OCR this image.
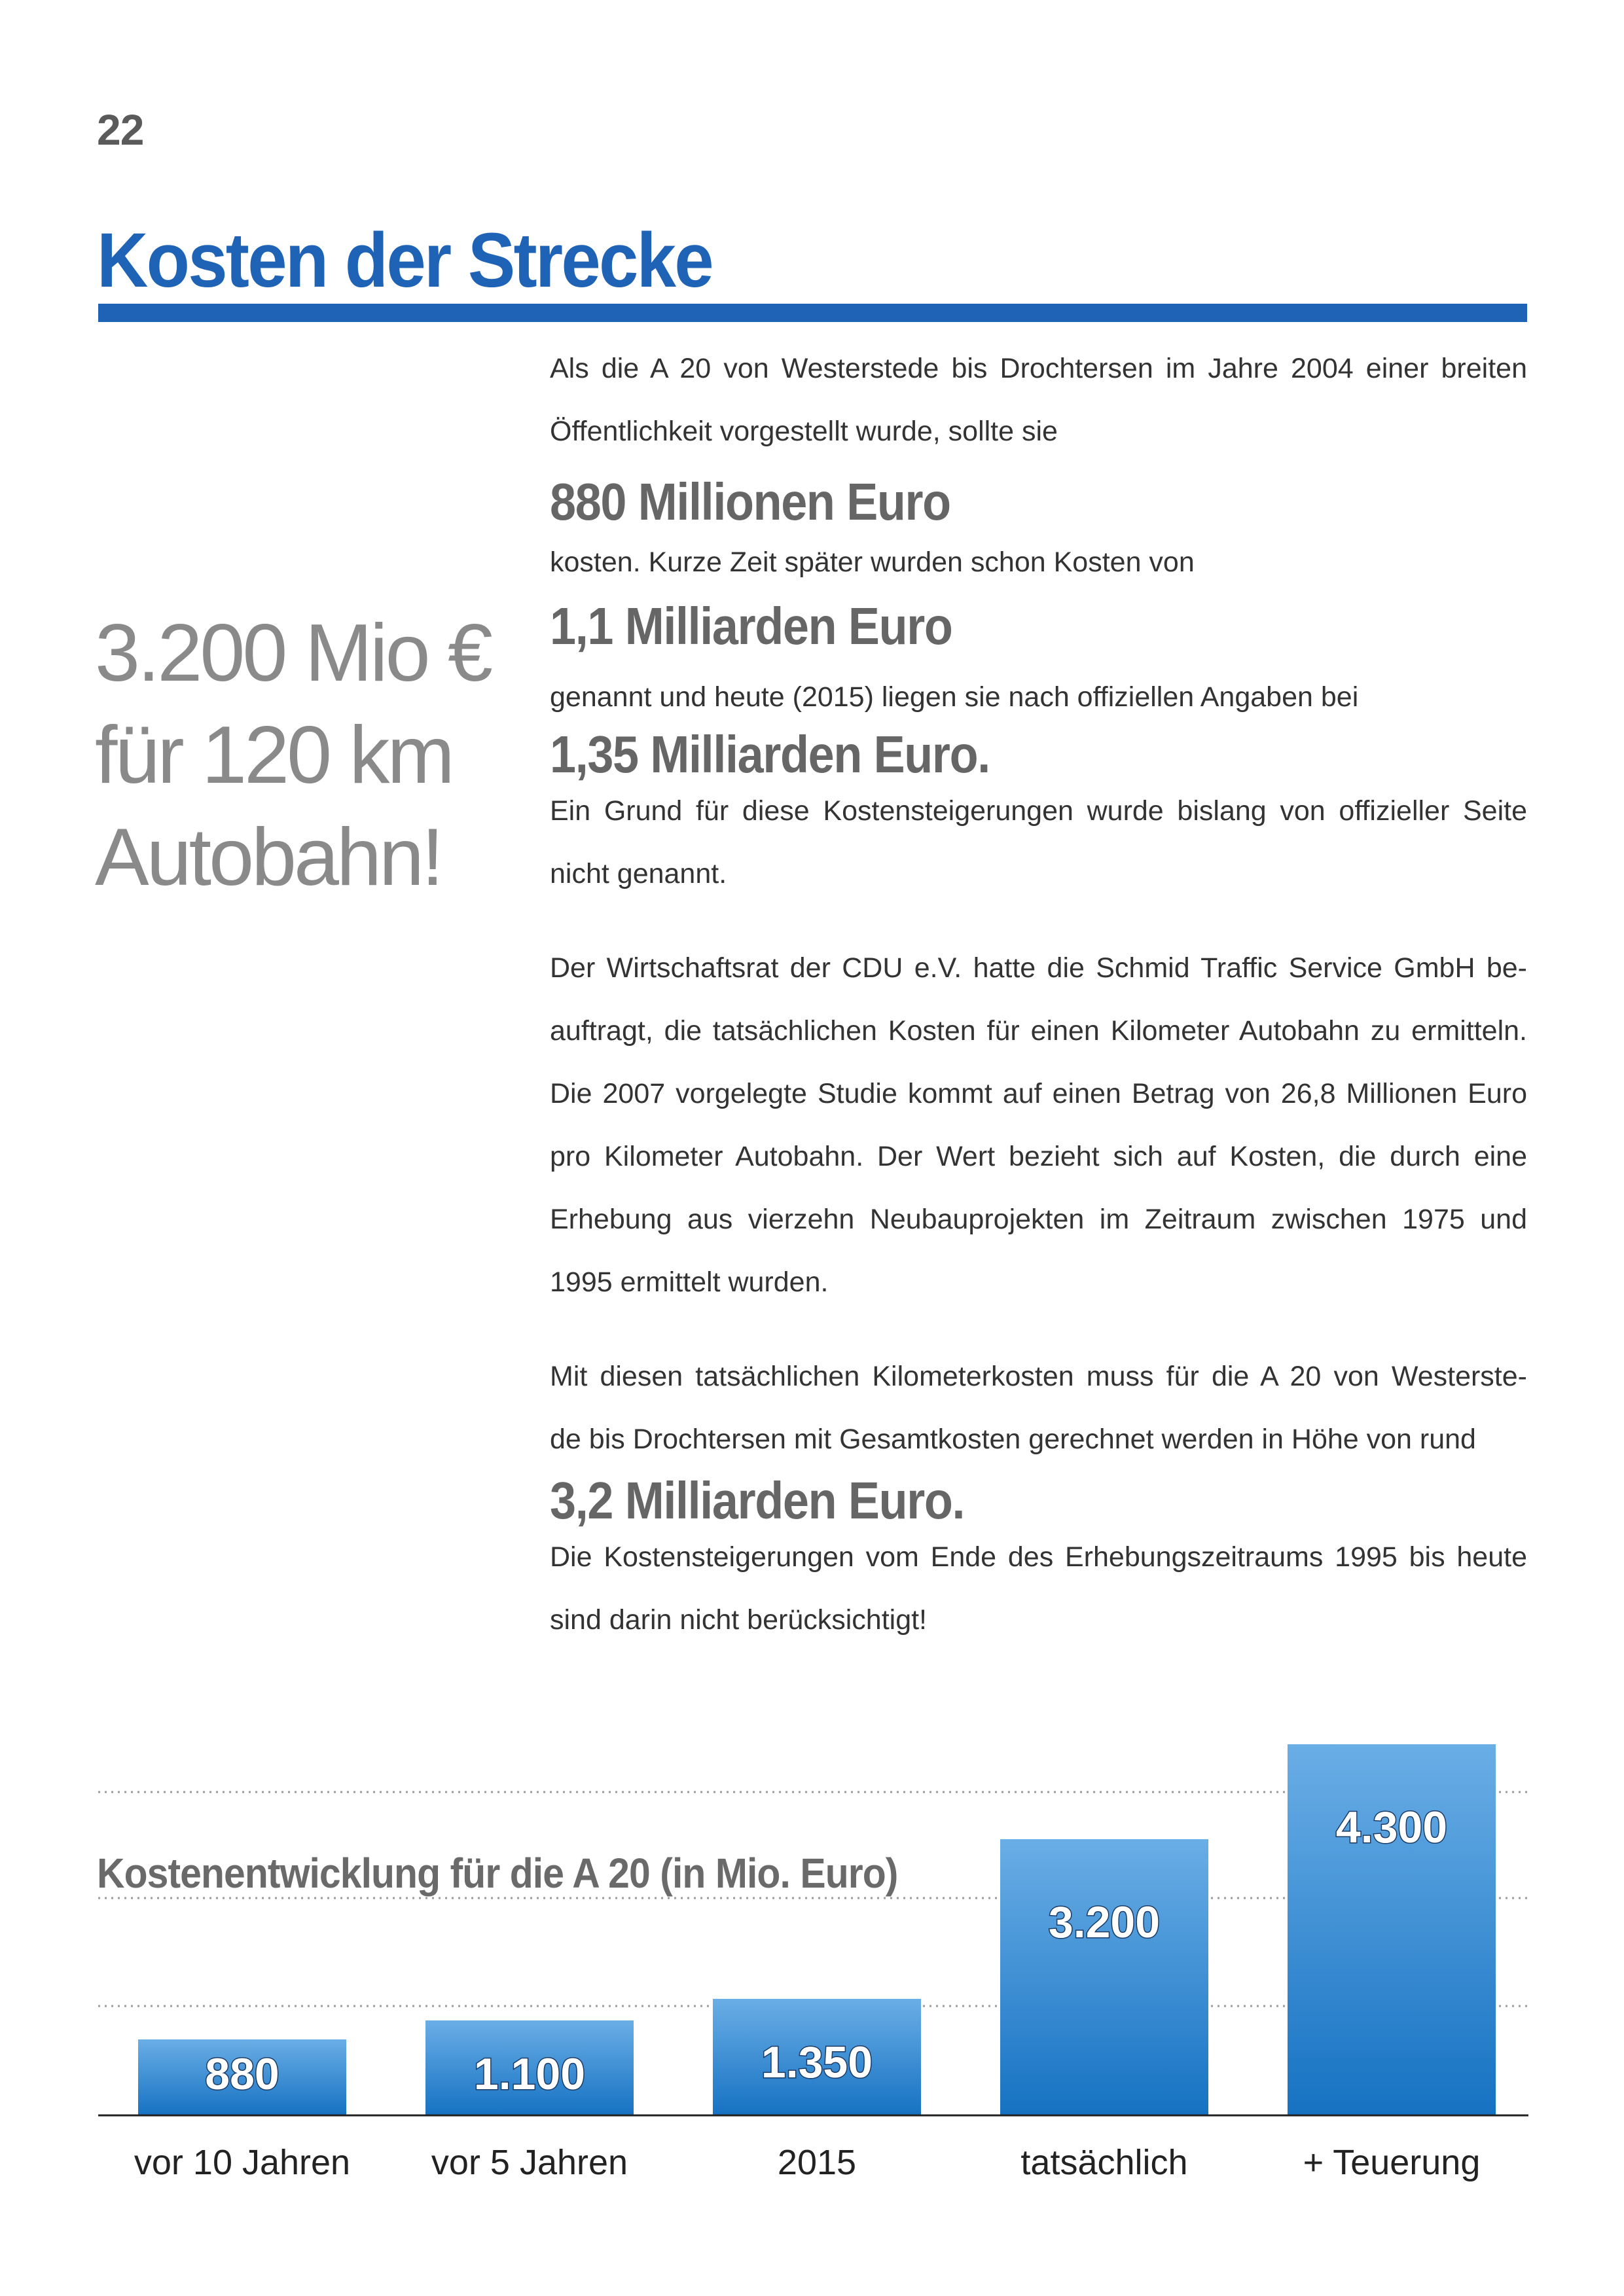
22
Kosten der Strecke
3.200 Mio €
für 120 km
Autobahn!

Als die A 20 von Westerstede bis Drochtersen im Jahre 2004 einer breiten
Öffentlichkeit vorgestellt wurde, sollte sie

880 Millionen Euro

kosten. Kurze Zeit später wurden schon Kosten von

1,1 Milliarden Euro

genannt und heute (2015) liegen sie nach offiziellen Angaben bei

1,35 Milliarden Euro.

Ein Grund für diese Kostensteigerungen wurde bislang von offizieller Seite
nicht genannt.

Der Wirtschaftsrat der CDU e.V. hatte die Schmid Traffic Service GmbH be-
auftragt, die tatsächlichen Kosten für einen Kilometer Autobahn zu ermitteln.
Die 2007 vorgelegte Studie kommt auf einen Betrag von 26,8 Millionen Euro
pro Kilometer Autobahn. Der Wert bezieht sich auf Kosten, die durch eine
Erhebung aus vierzehn Neubauprojekten im Zeitraum zwischen 1975 und
1995 ermittelt wurden.

Mit diesen tatsächlichen Kilometerkosten muss für die A 20 von Westerste-
de bis Drochtersen mit Gesamtkosten gerechnet werden in Höhe von rund

3,2 Milliarden Euro.

Die Kostensteigerungen vom Ende des Erhebungszeitraums 1995 bis heute
sind darin nicht berücksichtigt!

880
vor 10 Jahren
1.100
vor 5 Jahren
1.350
2015
3.200
tatsächlich
4.300
+ Teuerung
Kostenentwicklung für die A 20 (in Mio. Euro)
